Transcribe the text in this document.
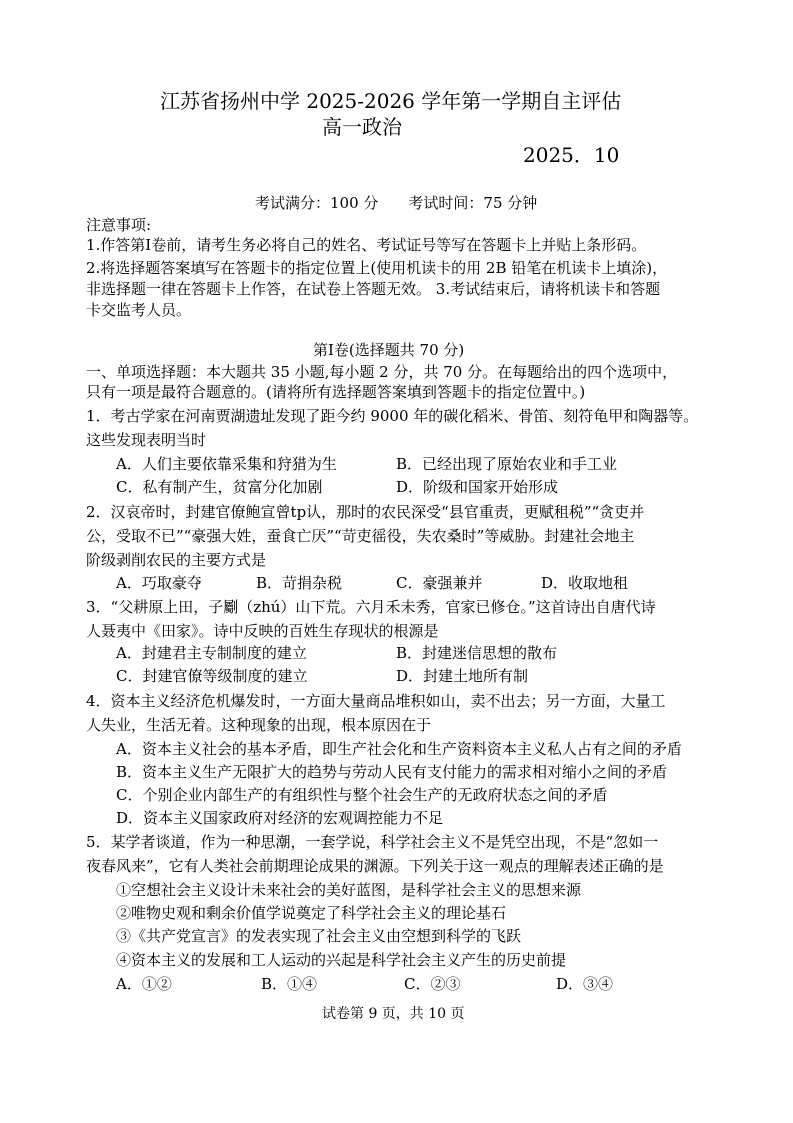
江苏省扬州中学 2025-2026 学年第一学期自主评估
高一政治
2025．10
考试满分：100 分　　考试时间：75 分钟
注意事项:
1.作答第Ⅰ卷前，请考生务必将自己的姓名、考试证号等写在答题卡上并贴上条形码。
2.将选择题答案填写在答题卡的指定位置上(使用机读卡的用 2B 铅笔在机读卡上填涂)，
非选择题一律在答题卡上作答，在试卷上答题无效。 3.考试结束后，请将机读卡和答题
卡交监考人员。
第Ⅰ卷(选择题共 70 分)
一、单项选择题：本大题共 35 小题,每小题 2 分，共 70 分。在每题给出的四个选项中，
只有一项是最符合题意的。(请将所有选择题答案填到答题卡的指定位置中。)
1．考古学家在河南贾湖遗址发现了距今约 9000 年的碳化稻米、骨笛、刻符龟甲和陶器等。
这些发现表明当时
A．人们主要依靠采集和狩猎为生	B．已经出现了原始农业和手工业
C．私有制产生，贫富分化加剧	D．阶级和国家开始形成
2．汉哀帝时，封建官僚鲍宣曾tp认，那时的农民深受“县官重责，更赋租税”“贪吏并
公，受取不已”“豪强大姓，蚕食亡厌”“苛吏徭役，失农桑时”等威胁。封建社会地主
阶级剥削农民的主要方式是
A．巧取豪夺	B．苛捐杂税	C．豪强兼并	D．收取地租
3．“父耕原上田，子劚（zhú）山下荒。六月禾未秀，官家已修仓。”这首诗出自唐代诗
人聂夷中《田家》。诗中反映的百姓生存现状的根源是
A．封建君主专制制度的建立	B．封建迷信思想的散布
C．封建官僚等级制度的建立	D．封建土地所有制
4．资本主义经济危机爆发时，一方面大量商品堆积如山，卖不出去；另一方面，大量工
人失业，生活无着。这种现象的出现，根本原因在于
A．资本主义社会的基本矛盾，即生产社会化和生产资料资本主义私人占有之间的矛盾
B．资本主义生产无限扩大的趋势与劳动人民有支付能力的需求相对缩小之间的矛盾
C．个别企业内部生产的有组织性与整个社会生产的无政府状态之间的矛盾
D．资本主义国家政府对经济的宏观调控能力不足
5．某学者谈道，作为一种思潮，一套学说，科学社会主义不是凭空出现，不是“忽如一
夜春风来”，它有人类社会前期理论成果的渊源。下列关于这一观点的理解表述正确的是
①空想社会主义设计未来社会的美好蓝图，是科学社会主义的思想来源
②唯物史观和剩余价值学说奠定了科学社会主义的理论基石
③《共产党宣言》的发表实现了社会主义由空想到科学的飞跃
④资本主义的发展和工人运动的兴起是科学社会主义产生的历史前提
A．①②	B．①④	C．②③	D．③④
试卷第 9 页，共 10 页
